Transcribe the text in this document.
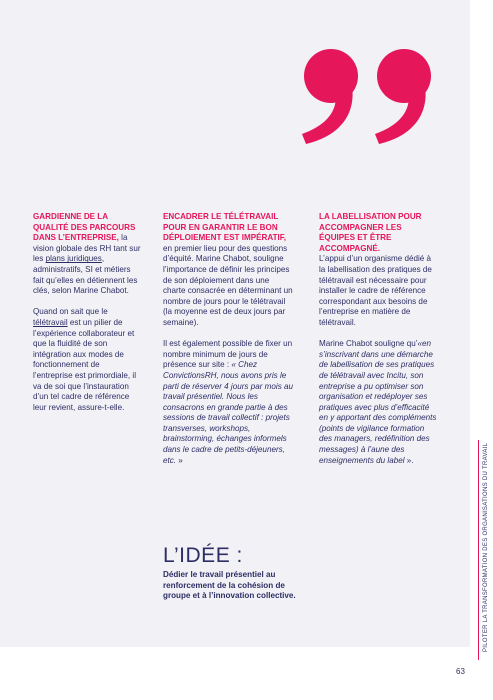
GARDIENNE DE LA QUALITÉ DES PARCOURS DANS L’ENTREPRISE, la vision globale des RH tant sur les plans juridiques, administratifs, SI et métiers fait qu’elles en détiennent les clés, selon Marine Chabot.

Quand on sait que le télétravail est un pilier de l’expérience collaborateur et que la fluidité de son intégration aux modes de fonctionnement de l’entreprise est primordiale, il va de soi que l’instauration d’un tel cadre de référence leur revient, assure-t-elle.

ENCADRER LE TÉLÉTRAVAIL POUR EN GARANTIR LE BON DÉPLOIEMENT EST IMPÉRATIF, en premier lieu pour des questions d’équité. Marine Chabot, souligne l’importance de définir les principes de son déploiement dans une charte consacrée en déterminant un nombre de jours pour le télétravail (la moyenne est de deux jours par semaine).

Il est également possible de fixer un nombre minimum de jours de présence sur site : « Chez ConvictionsRH, nous avons pris le parti de réserver 4 jours par mois au travail présentiel. Nous les consacrons en grande partie à des sessions de travail collectif : projets transverses, workshops, brainstorming, échanges informels dans le cadre de petits-déjeuners, etc. »

L’IDÉE :
Dédier le travail présentiel au renforcement de la cohésion de groupe et à l’innovation collective.

LA LABELLISATION POUR ACCOMPAGNER LES ÉQUIPES ET ÊTRE ACCOMPAGNÉ.

L’appui d’un organisme dédié à la labellisation des pratiques de télétravail est nécessaire pour installer le cadre de référence correspondant aux besoins de l’entreprise en matière de télétravail.

Marine Chabot souligne qu’«en s’inscrivant dans une démarche de labellisation de ses pratiques de télétravail avec Incitu, son entreprise a pu optimiser son organisation et redéployer ses pratiques avec plus d’efficacité en y apportant des compléments (points de vigilance formation des managers, redéfinition des messages) à l’aune des enseignements du label ».	PILOTER LA TRANSFORMATION DES ORGANISATIONS DU TRAVAIL
63
